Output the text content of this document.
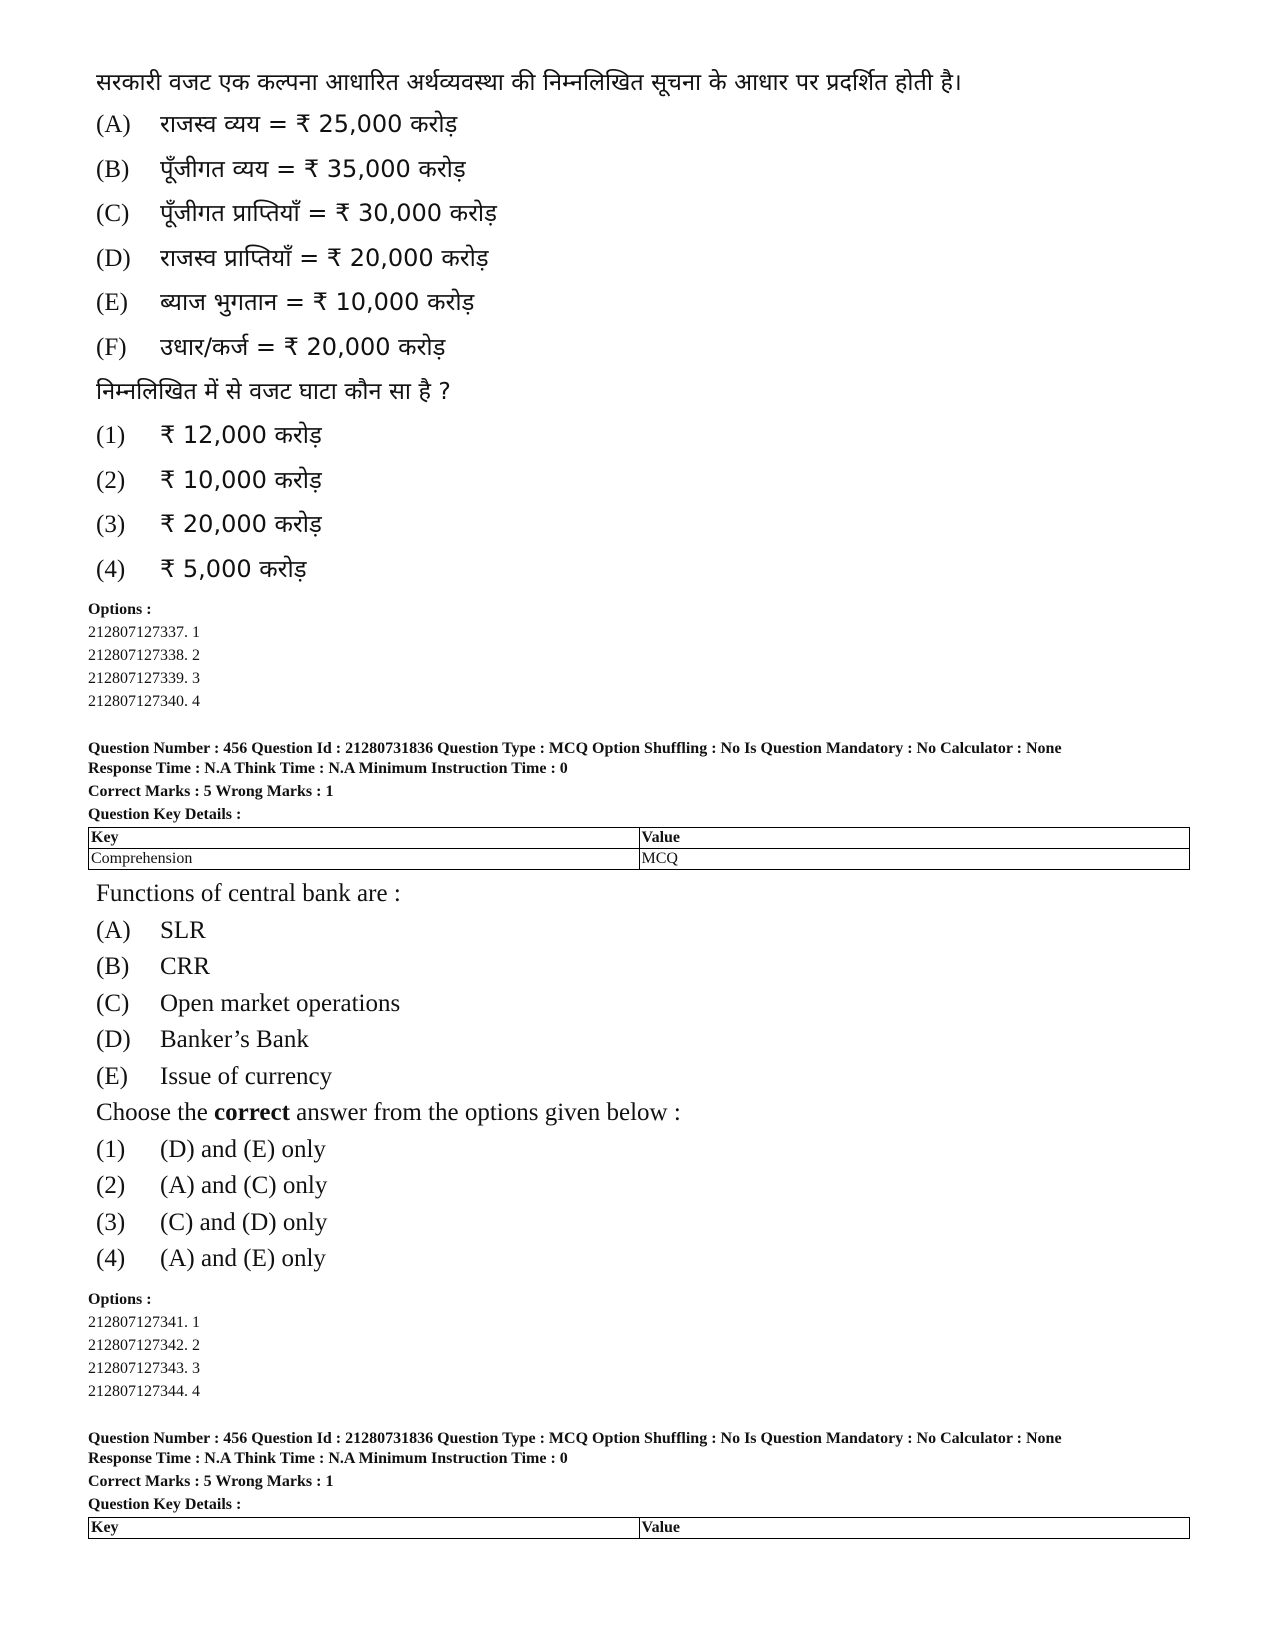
सरकारी वजट एक कल्पना आधारित अर्थव्यवस्था की निम्नलिखित सूचना के आधार पर प्रदर्शित होती है।
(A)	राजस्व व्यय = ₹ 25,000 करोड़
(B)	पूँजीगत व्यय = ₹ 35,000 करोड़
(C)	पूँजीगत प्राप्तियाँ = ₹ 30,000 करोड़
(D)	राजस्व प्राप्तियाँ = ₹ 20,000 करोड़
(E)	ब्याज भुगतान = ₹ 10,000 करोड़
(F)	उधार/कर्ज = ₹ 20,000 करोड़
निम्नलिखित में से वजट घाटा कौन सा है ?
(1)	₹ 12,000 करोड़
(2)	₹ 10,000 करोड़
(3)	₹ 20,000 करोड़
(4)	₹ 5,000 करोड़
Options :
212807127337. 1
212807127338. 2
212807127339. 3
212807127340. 4
Question Number : 456 Question Id : 21280731836 Question Type : MCQ Option Shuffling : No Is Question Mandatory : No Calculator : None
Response Time : N.A Think Time : N.A Minimum Instruction Time : 0
Correct Marks : 5 Wrong Marks : 1
Question Key Details :
Key	Value
Comprehension	MCQ
Functions of central bank are :
(A)	SLR
(B)	CRR
(C)	Open market operations
(D)	Banker’s Bank
(E)	Issue of currency
Choose the correct answer from the options given below :
(1)	(D) and (E) only
(2)	(A) and (C) only
(3)	(C) and (D) only
(4)	(A) and (E) only
Options :
212807127341. 1
212807127342. 2
212807127343. 3
212807127344. 4
Question Number : 456 Question Id : 21280731836 Question Type : MCQ Option Shuffling : No Is Question Mandatory : No Calculator : None
Response Time : N.A Think Time : N.A Minimum Instruction Time : 0
Correct Marks : 5 Wrong Marks : 1
Question Key Details :
Key	Value
